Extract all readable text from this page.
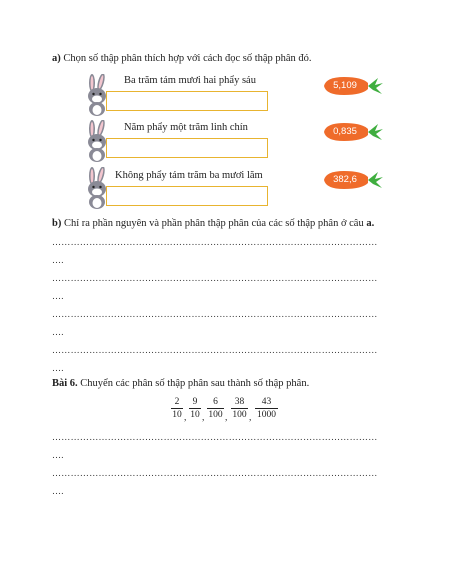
a) Chọn số thập phân thích hợp với cách đọc số thập phân đó.
Ba trăm tám mươi hai phẩy sáu	5,109
Năm phẩy một trăm linh chín	0,835
Không phẩy tám trăm ba mươi lăm	382,6
b) Chỉ ra phần nguyên và phần phân thập phân của các số thập phân ở câu a.
……………………………………………………………………………………………
….
……………………………………………………………………………………………
….
……………………………………………………………………………………………
….
……………………………………………………………………………………………
….
Bài 6. Chuyển các phân số thập phân sau thành số thập phân.
$\frac{2}{10}$ , $\frac{9}{10}$ , $\frac{6}{100}$ , $\frac{38}{100}$ , $\frac{43}{1000}$
……………………………………………………………………………………………
….
……………………………………………………………………………………………
….
